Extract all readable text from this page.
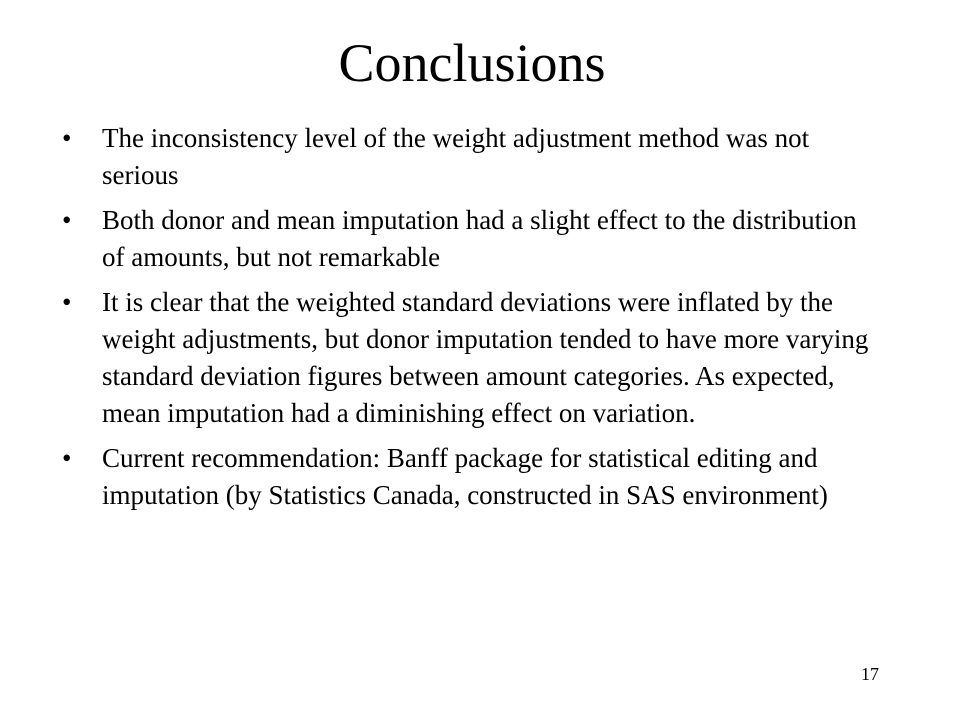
Conclusions
•	The inconsistency level of the weight adjustment method was not serious
•	Both donor and mean imputation had a slight effect to the distribution of amounts, but not remarkable
•	It is clear that the weighted standard deviations were inflated by the weight adjustments, but donor imputation tended to have more varying standard deviation figures between amount categories. As expected, mean imputation had a diminishing effect on variation.
•	Current recommendation: Banff package for statistical editing and imputation (by Statistics Canada, constructed in SAS environment)
17
